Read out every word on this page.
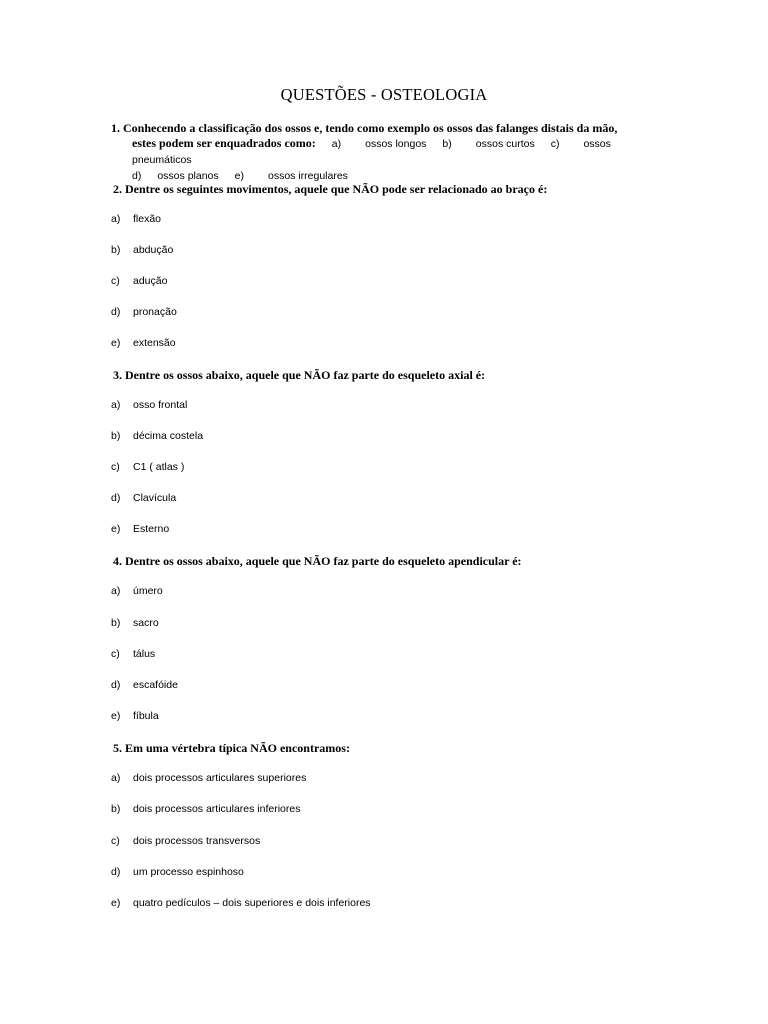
QUESTÕES - OSTEOLOGIA
1. Conhecendo a classificação dos ossos e, tendo como exemplo os ossos das falanges distais da mão,
estes podem ser enquadrados como: a) ossos longos b) ossos curtos c) ossos pneumáticos
d) ossos planos e) ossos irregulares
2. Dentre os seguintes movimentos, aquele que NÃO pode ser relacionado ao braço é:
a) flexão
b) abdução
c) adução
d) pronação
e) extensão
3. Dentre os ossos abaixo, aquele que NÃO faz parte do esqueleto axial é:
a) osso frontal
b) décima costela
c) C1 ( atlas )
d) Clavícula
e) Esterno
4. Dentre os ossos abaixo, aquele que NÃO faz parte do esqueleto apendicular é:
a) úmero
b) sacro
c) tálus
d) escafóide
e) fíbula
5. Em uma vértebra típica NÃO encontramos:
a) dois processos articulares superiores
b) dois processos articulares inferiores
c) dois processos transversos
d) um processo espinhoso
e) quatro pedículos – dois superiores e dois inferiores
